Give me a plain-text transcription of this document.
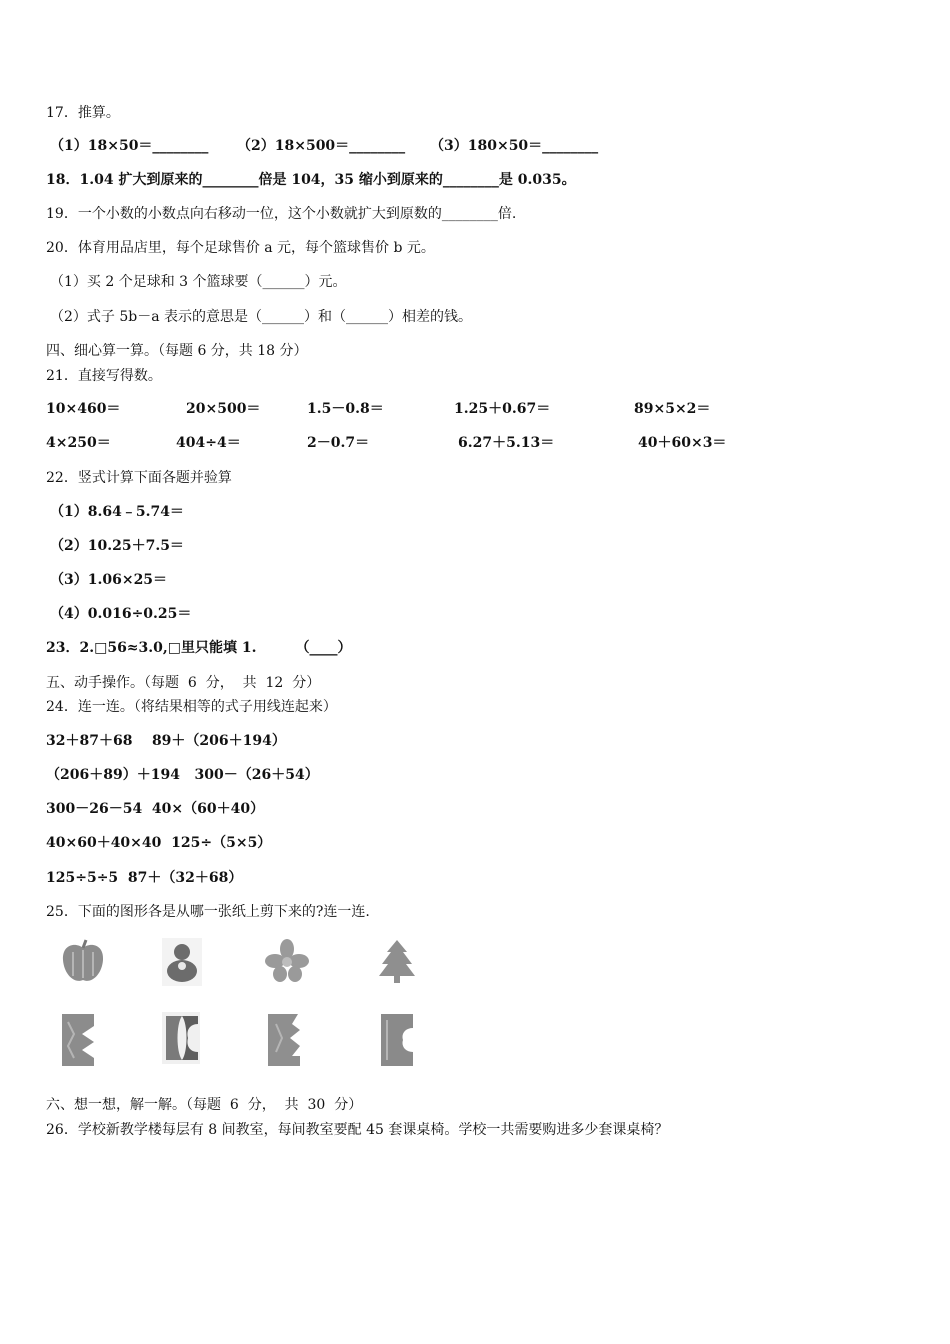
17．推算。
（1）18×50＝________ （2）18×500＝________ （3）180×50＝________
18．1.04 扩大到原来的________倍是 104，35 缩小到原来的________是 0.035。
19．一个小数的小数点向右移动一位，这个小数就扩大到原数的________倍.
20．体育用品店里，每个足球售价 a 元，每个篮球售价 b 元。
（1）买 2 个足球和 3 个篮球要（______）元。
（2）式子 5b－a 表示的意思是（______）和（______）相差的钱。
四、细心算一算。（每题 6 分，共 18 分）
21．直接写得数。
10×460＝	20×500＝	1.5－0.8＝	1.25＋0.67＝	89×5×2＝
4×250＝	404÷4＝	2－0.7＝	6.27＋5.13＝	40＋60×3＝
22．竖式计算下面各题并验算
（1）8.64﹣5.74＝
（2）10.25＋7.5＝
（3）1.06×25＝
（4）0.016÷0.25＝
23．2.□56≈3.0,□里只能填 1.        （____）
五、动手操作。（每题  6  分，  共  12  分）
24．连一连。（将结果相等的式子用线连起来）
32＋87＋68    89＋（206＋194）
（206＋89）＋194   300－（26＋54）
300－26－54  40×（60＋40）
40×60＋40×40  125÷（5×5）
125÷5÷5  87＋（32＋68）
25．下面的图形各是从哪一张纸上剪下来的?连一连.
六、想一想，解一解。（每题  6  分，  共  30  分）
26．学校新教学楼每层有 8 间教室，每间教室要配 45 套课桌椅。学校一共需要购进多少套课桌椅？
